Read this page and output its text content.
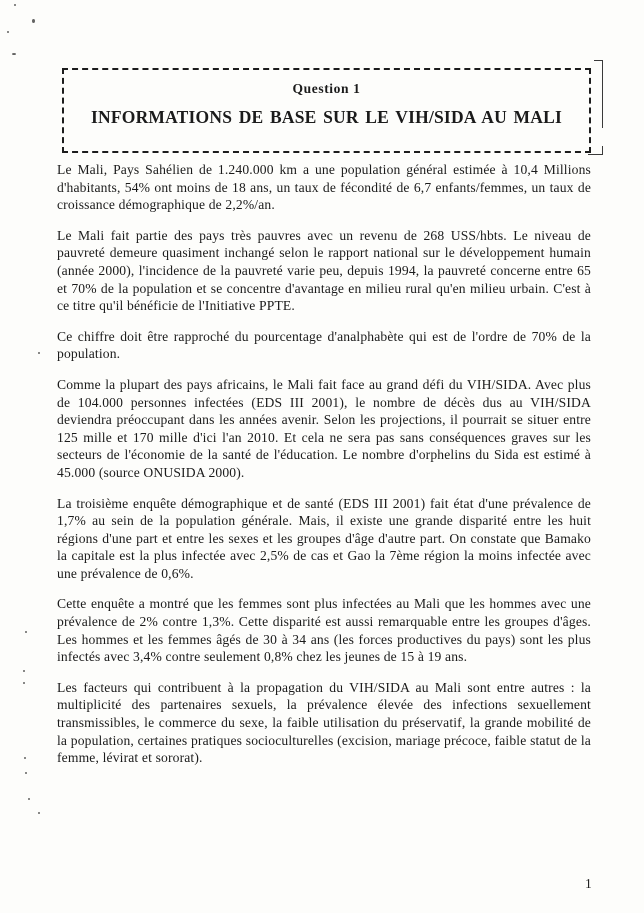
Question 1
INFORMATIONS DE BASE SUR LE VIH/SIDA AU MALI

Le Mali, Pays Sahélien de 1.240.000 km a une population général estimée à 10,4 Millions d'habitants, 54% ont moins de 18 ans, un taux de fécondité de 6,7 enfants/femmes, un taux de croissance démographique de 2,2%/an.

Le Mali fait partie des pays très pauvres avec un revenu de 268 USS/hbts. Le niveau de pauvreté demeure quasiment inchangé selon le rapport national sur le développement humain (année 2000), l'incidence de la pauvreté varie peu, depuis 1994, la pauvreté concerne entre 65 et 70% de la population et se concentre d'avantage en milieu rural qu'en milieu urbain. C'est à ce titre qu'il bénéficie de l'Initiative PPTE.

Ce chiffre doit être rapproché du pourcentage d'analphabète qui est de l'ordre de 70% de la population.

Comme la plupart des pays africains, le Mali fait face au grand défi du VIH/SIDA. Avec plus de 104.000 personnes infectées (EDS III 2001), le nombre de décès dus au VIH/SIDA deviendra préoccupant dans les années avenir. Selon les projections, il pourrait se situer entre 125 mille et 170 mille d'ici l'an 2010. Et cela ne sera pas sans conséquences graves sur les secteurs de l'économie de la santé de l'éducation. Le nombre d'orphelins du Sida est estimé à 45.000 (source ONUSIDA 2000).

La troisième enquête démographique et de santé (EDS III 2001) fait état d'une prévalence de 1,7% au sein de la population générale. Mais, il existe une grande disparité entre les huit régions d'une part et entre les sexes et les groupes d'âge d'autre part. On constate que Bamako la capitale est la plus infectée avec 2,5% de cas et Gao la 7ème région la moins infectée avec une prévalence de 0,6%.

Cette enquête a montré que les femmes sont plus infectées au Mali que les hommes avec une prévalence de 2% contre 1,3%. Cette disparité est aussi remarquable entre les groupes d'âges. Les hommes et les femmes âgés de 30 à 34 ans (les forces productives du pays) sont les plus infectés avec 3,4% contre seulement 0,8% chez les jeunes de 15 à 19 ans.

Les facteurs qui contribuent à la propagation du VIH/SIDA au Mali sont entre autres : la multiplicité des partenaires sexuels, la prévalence élevée des infections sexuellement transmissibles, le commerce du sexe, la faible utilisation du préservatif, la grande mobilité de la population, certaines pratiques socioculturelles (excision, mariage précoce, faible statut de la femme, lévirat et sororat).

1
